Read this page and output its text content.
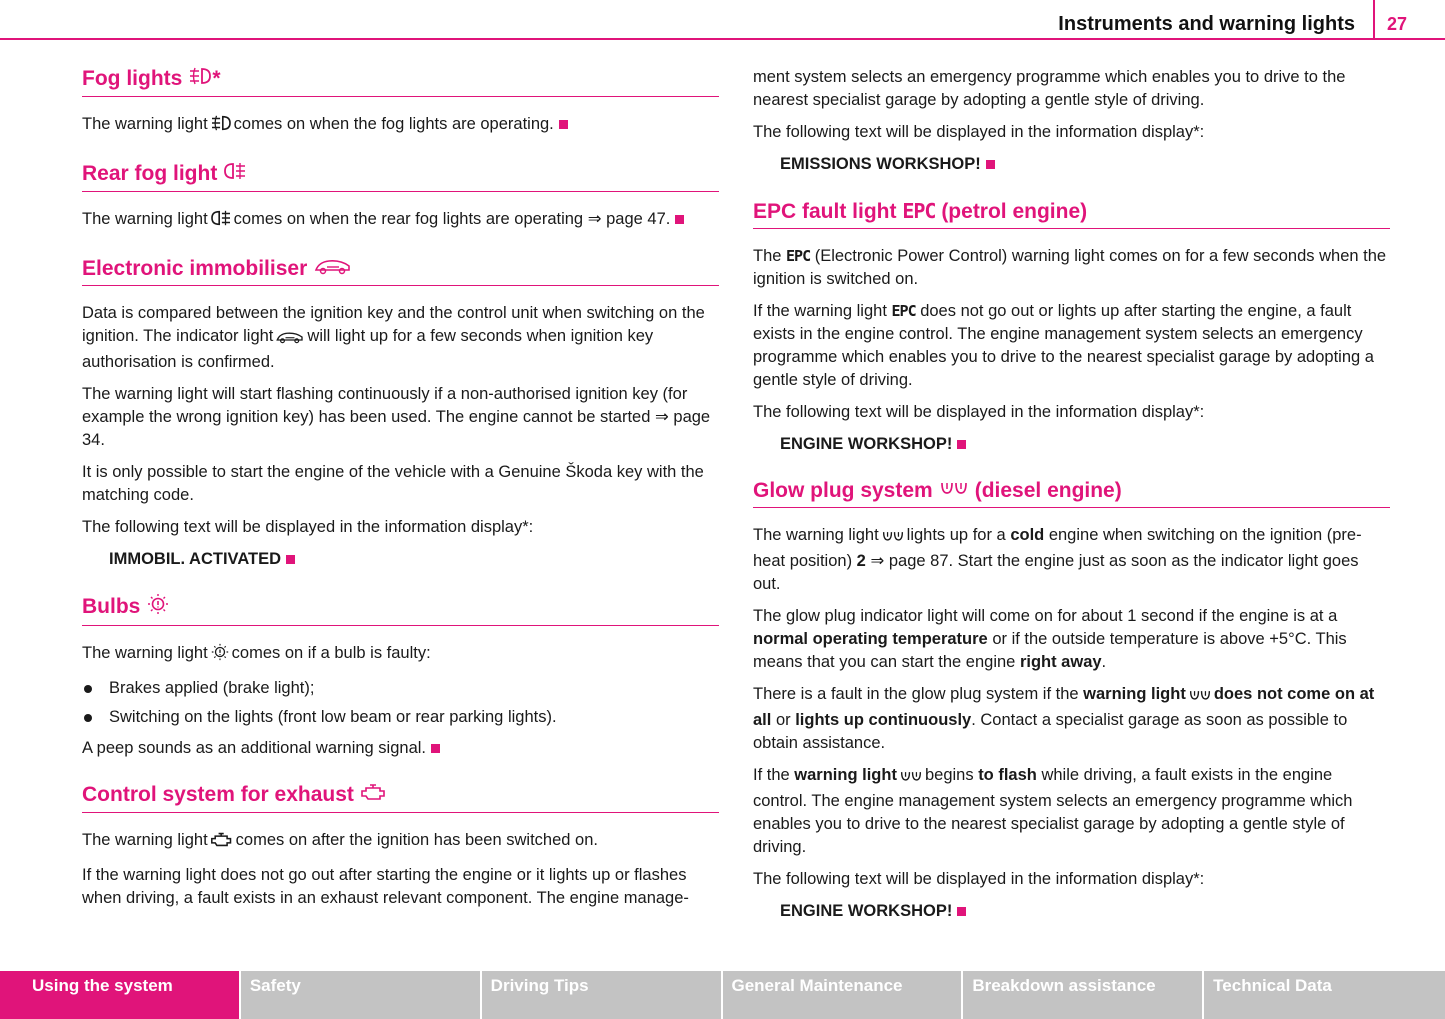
Instruments and warning lights	27
Fog lights *

The warning light comes on when the fog lights are operating.

Rear fog light

The warning light comes on when the rear fog lights are operating ⇒ page 47.

Electronic immobiliser

Data is compared between the ignition key and the control unit when switching on the ignition. The indicator light will light up for a few seconds when ignition key authorisation is confirmed.

The warning light will start flashing continuously if a non-authorised ignition key (for example the wrong ignition key) has been used. The engine cannot be started ⇒ page 34.

It is only possible to start the engine of the vehicle with a Genuine Škoda key with the matching code.

The following text will be displayed in the information display*:

IMMOBIL. ACTIVATED

Bulbs

The warning light comes on if a bulb is faulty:

Brakes applied (brake light);
Switching on the lights (front low beam or rear parking lights).

A peep sounds as an additional warning signal.

Control system for exhaust

The warning light comes on after the ignition has been switched on.

If the warning light does not go out after starting the engine or it lights up or flashes when driving, a fault exists in an exhaust relevant component. The engine manage-

ment system selects an emergency programme which enables you to drive to the nearest specialist garage by adopting a gentle style of driving.

The following text will be displayed in the information display*:

EMISSIONS WORKSHOP!

EPC fault light EPC (petrol engine)

The EPC (Electronic Power Control) warning light comes on for a few seconds when the ignition is switched on.

If the warning light EPC does not go out or lights up after starting the engine, a fault exists in the engine control. The engine management system selects an emergency programme which enables you to drive to the nearest specialist garage by adopting a gentle style of driving.

The following text will be displayed in the information display*:

ENGINE WORKSHOP!

Glow plug system (diesel engine)

The warning light lights up for a cold engine when switching on the ignition (pre-heat position) 2 ⇒ page 87. Start the engine just as soon as the indicator light goes out.

The glow plug indicator light will come on for about 1 second if the engine is at a normal operating temperature or if the outside temperature is above +5°C. This means that you can start the engine right away.

There is a fault in the glow plug system if the warning light does not come on at all or lights up continuously. Contact a specialist garage as soon as possible to obtain assistance.

If the warning light begins to flash while driving, a fault exists in the engine control. The engine management system selects an emergency programme which enables you to drive to the nearest specialist garage by adopting a gentle style of driving.

The following text will be displayed in the information display*:

ENGINE WORKSHOP!

Using the system	Safety	Driving Tips	General Maintenance	Breakdown assistance	Technical Data
